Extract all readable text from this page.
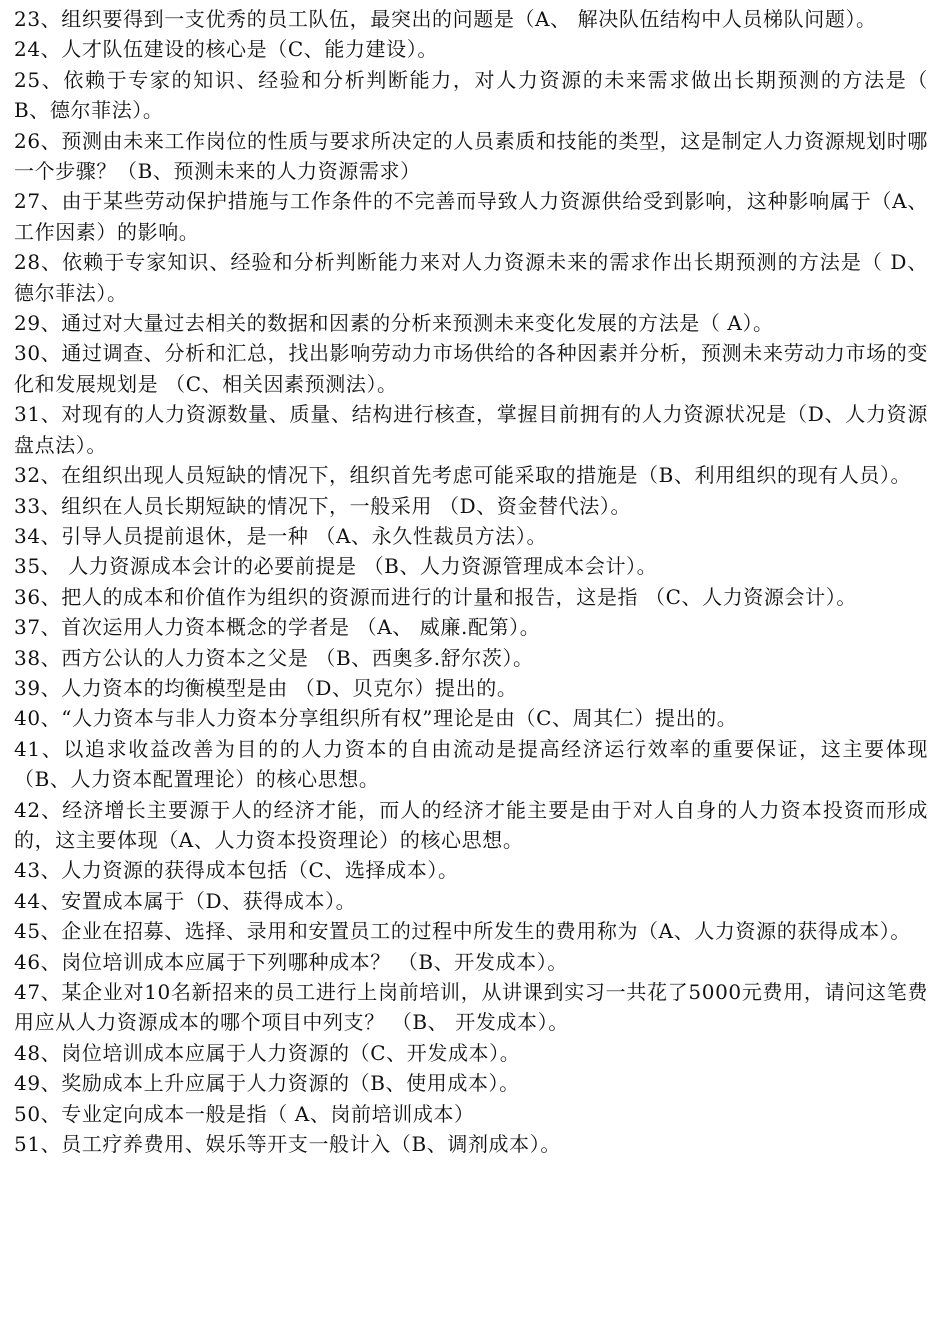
23、组织要得到一支优秀的员工队伍，最突出的问题是（A、 解决队伍结构中人员梯队问题）。

24、人才队伍建设的核心是（C、能力建设）。

25、依赖于专家的知识、经验和分析判断能力，对人力资源的未来需求做出长期预测的方法是（ B、德尔菲法）。

26、预测由未来工作岗位的性质与要求所决定的人员素质和技能的类型，这是制定人力资源规划时哪一个步骤？（B、预测未来的人力资源需求）

27、由于某些劳动保护措施与工作条件的不完善而导致人力资源供给受到影响，这种影响属于（A、工作因素）的影响。

28、依赖于专家知识、经验和分析判断能力来对人力资源未来的需求作出长期预测的方法是（ D、德尔菲法）。

29、通过对大量过去相关的数据和因素的分析来预测未来变化发展的方法是（ A）。

30、通过调查、分析和汇总，找出影响劳动力市场供给的各种因素并分析，预测未来劳动力市场的变化和发展规划是 （C、相关因素预测法）。

31、对现有的人力资源数量、质量、结构进行核查，掌握目前拥有的人力资源状况是（D、人力资源盘点法）。

32、在组织出现人员短缺的情况下，组织首先考虑可能采取的措施是（B、利用组织的现有人员）。

33、组织在人员长期短缺的情况下，一般采用 （D、资金替代法）。

34、引导人员提前退休，是一种 （A、永久性裁员方法）。

35、 人力资源成本会计的必要前提是 （B、人力资源管理成本会计）。

36、把人的成本和价值作为组织的资源而进行的计量和报告，这是指 （C、人力资源会计）。

37、首次运用人力资本概念的学者是 （A、 威廉.配第）。

38、西方公认的人力资本之父是 （B、西奥多.舒尔茨）。

39、人力资本的均衡模型是由 （D、贝克尔）提出的。

40、“人力资本与非人力资本分享组织所有权”理论是由（C、周其仁）提出的。

41、以追求收益改善为目的的人力资本的自由流动是提高经济运行效率的重要保证，这主要体现（B、人力资本配置理论）的核心思想。

42、经济增长主要源于人的经济才能，而人的经济才能主要是由于对人自身的人力资本投资而形成的，这主要体现（A、人力资本投资理论）的核心思想。

43、人力资源的获得成本包括（C、选择成本）。

44、安置成本属于（D、获得成本）。

45、企业在招募、选择、录用和安置员工的过程中所发生的费用称为（A、人力资源的获得成本）。

46、岗位培训成本应属于下列哪种成本？ （B、开发成本）。

47、某企业对10名新招来的员工进行上岗前培训，从讲课到实习一共花了5000元费用，请问这笔费用应从人力资源成本的哪个项目中列支？ （B、 开发成本）。

48、岗位培训成本应属于人力资源的（C、开发成本）。

49、奖励成本上升应属于人力资源的（B、使用成本）。

50、专业定向成本一般是指（ A、岗前培训成本）

51、员工疗养费用、娱乐等开支一般计入（B、调剂成本）。
